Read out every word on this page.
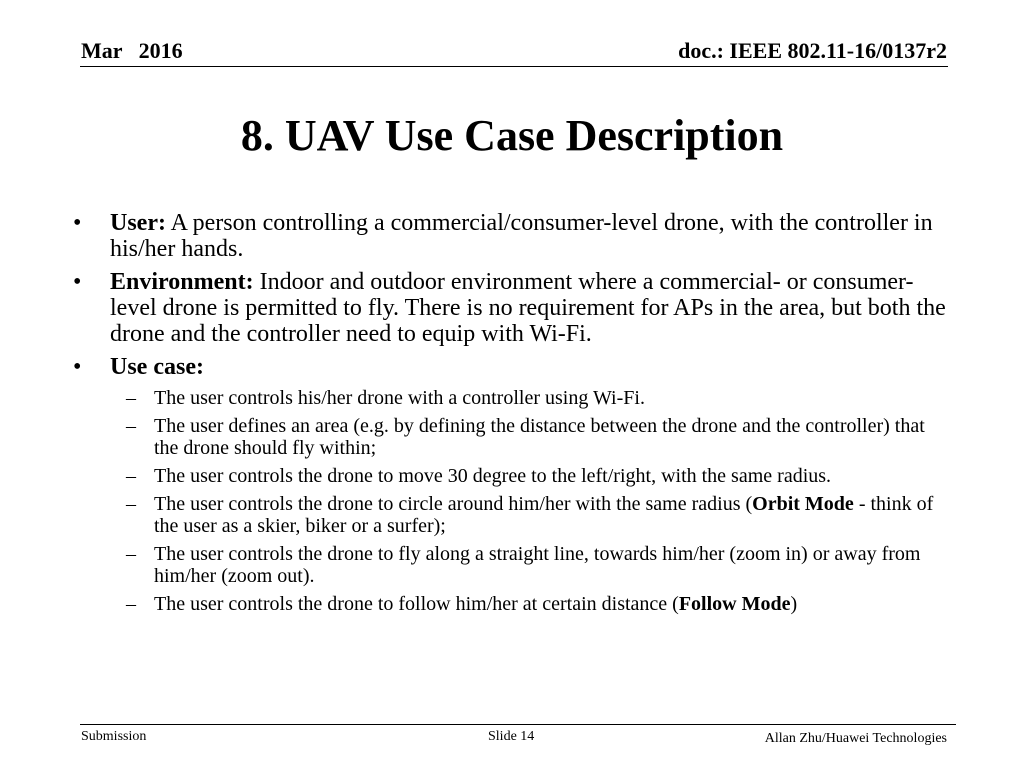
Mar   2016	doc.: IEEE 802.11-16/0137r2
8. UAV Use Case Description
• User: A person controlling a commercial/consumer-level drone, with the controller in his/her hands.
• Environment: Indoor and outdoor environment where a commercial- or consumer-level drone is permitted to fly. There is no requirement for APs in the area, but both the drone and the controller need to equip with Wi-Fi.
• Use case:
– The user controls his/her drone with a controller using Wi-Fi.
– The user defines an area (e.g. by defining the distance between the drone and the controller) that the drone should fly within;
– The user controls the drone to move 30 degree to the left/right, with the same radius.
– The user controls the drone to circle around him/her with the same radius (Orbit Mode - think of the user as a skier, biker or a surfer);
– The user controls the drone to fly along a straight line, towards him/her (zoom in) or away from him/her (zoom out).
– The user controls the drone to follow him/her at certain distance (Follow Mode)
Submission	Slide 14	Allan Zhu/Huawei Technologies
